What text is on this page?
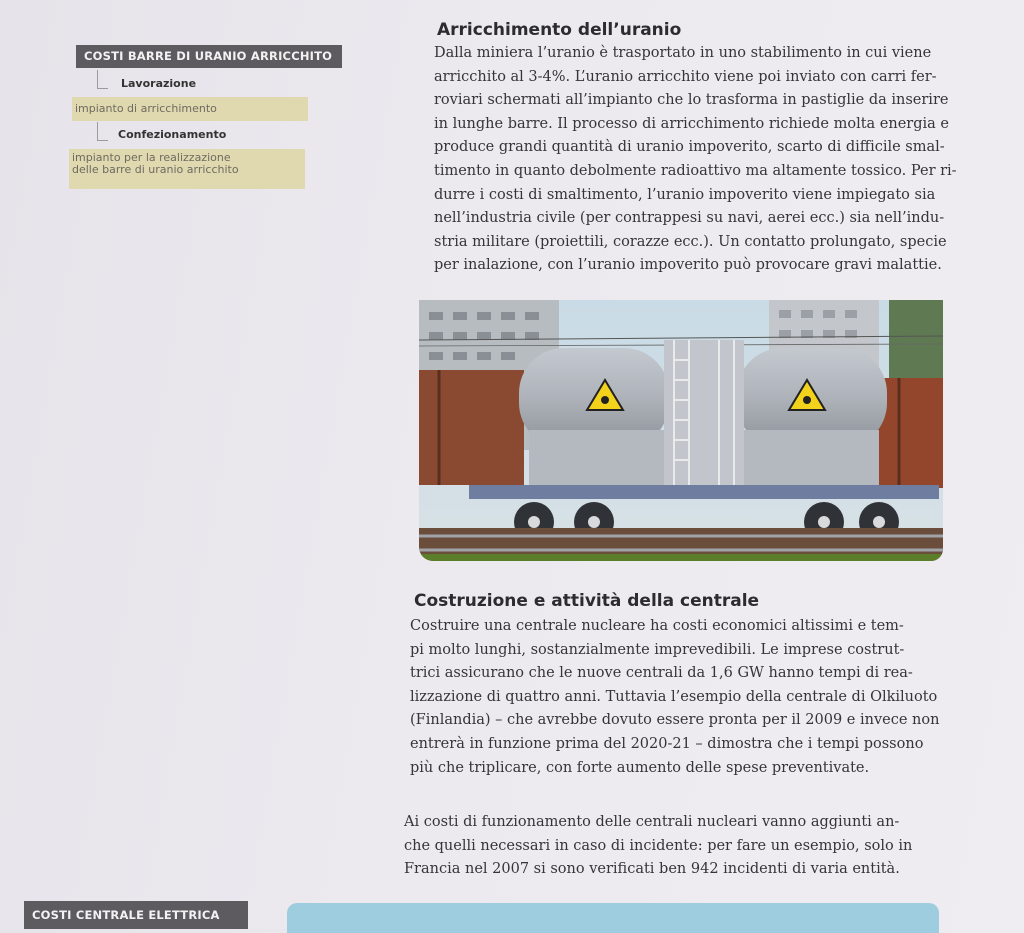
COSTI BARRE DI URANIO ARRICCHITO
Lavorazione
impianto di arricchimento
Confezionamento
impianto per la realizzazione
delle barre di uranio arricchito
Arricchimento dell’uranio
Dalla miniera l’uranio è trasportato in uno stabilimento in cui viene
arricchito al 3-4%. L’uranio arricchito viene poi inviato con carri fer-
roviari schermati all’impianto che lo trasforma in pastiglie da inserire
in lunghe barre. Il processo di arricchimento richiede molta energia e
produce grandi quantità di uranio impoverito, scarto di difficile smal-
timento in quanto debolmente radioattivo ma altamente tossico. Per ri-
durre i costi di smaltimento, l’uranio impoverito viene impiegato sia
nell’industria civile (per contrappesi su navi, aerei ecc.) sia nell’indu-
stria militare (proiettili, corazze ecc.). Un contatto prolungato, specie
per inalazione, con l’uranio impoverito può provocare gravi malattie.
Costruzione e attività della centrale
Costruire una centrale nucleare ha costi economici altissimi e tem-
pi molto lunghi, sostanzialmente imprevedibili. Le imprese costrut-
trici assicurano che le nuove centrali da 1,6 GW hanno tempi di rea-
lizzazione di quattro anni. Tuttavia l’esempio della centrale di Olkiluoto
(Finlandia) – che avrebbe dovuto essere pronta per il 2009 e invece non
entrerà in funzione prima del 2020-21 – dimostra che i tempi possono
più che triplicare, con forte aumento delle spese preventivate.
Ai costi di funzionamento delle centrali nucleari vanno aggiunti an-
che quelli necessari in caso di incidente: per fare un esempio, solo in
Francia nel 2007 si sono verificati ben 942 incidenti di varia entità.
COSTI CENTRALE ELETTRICA
